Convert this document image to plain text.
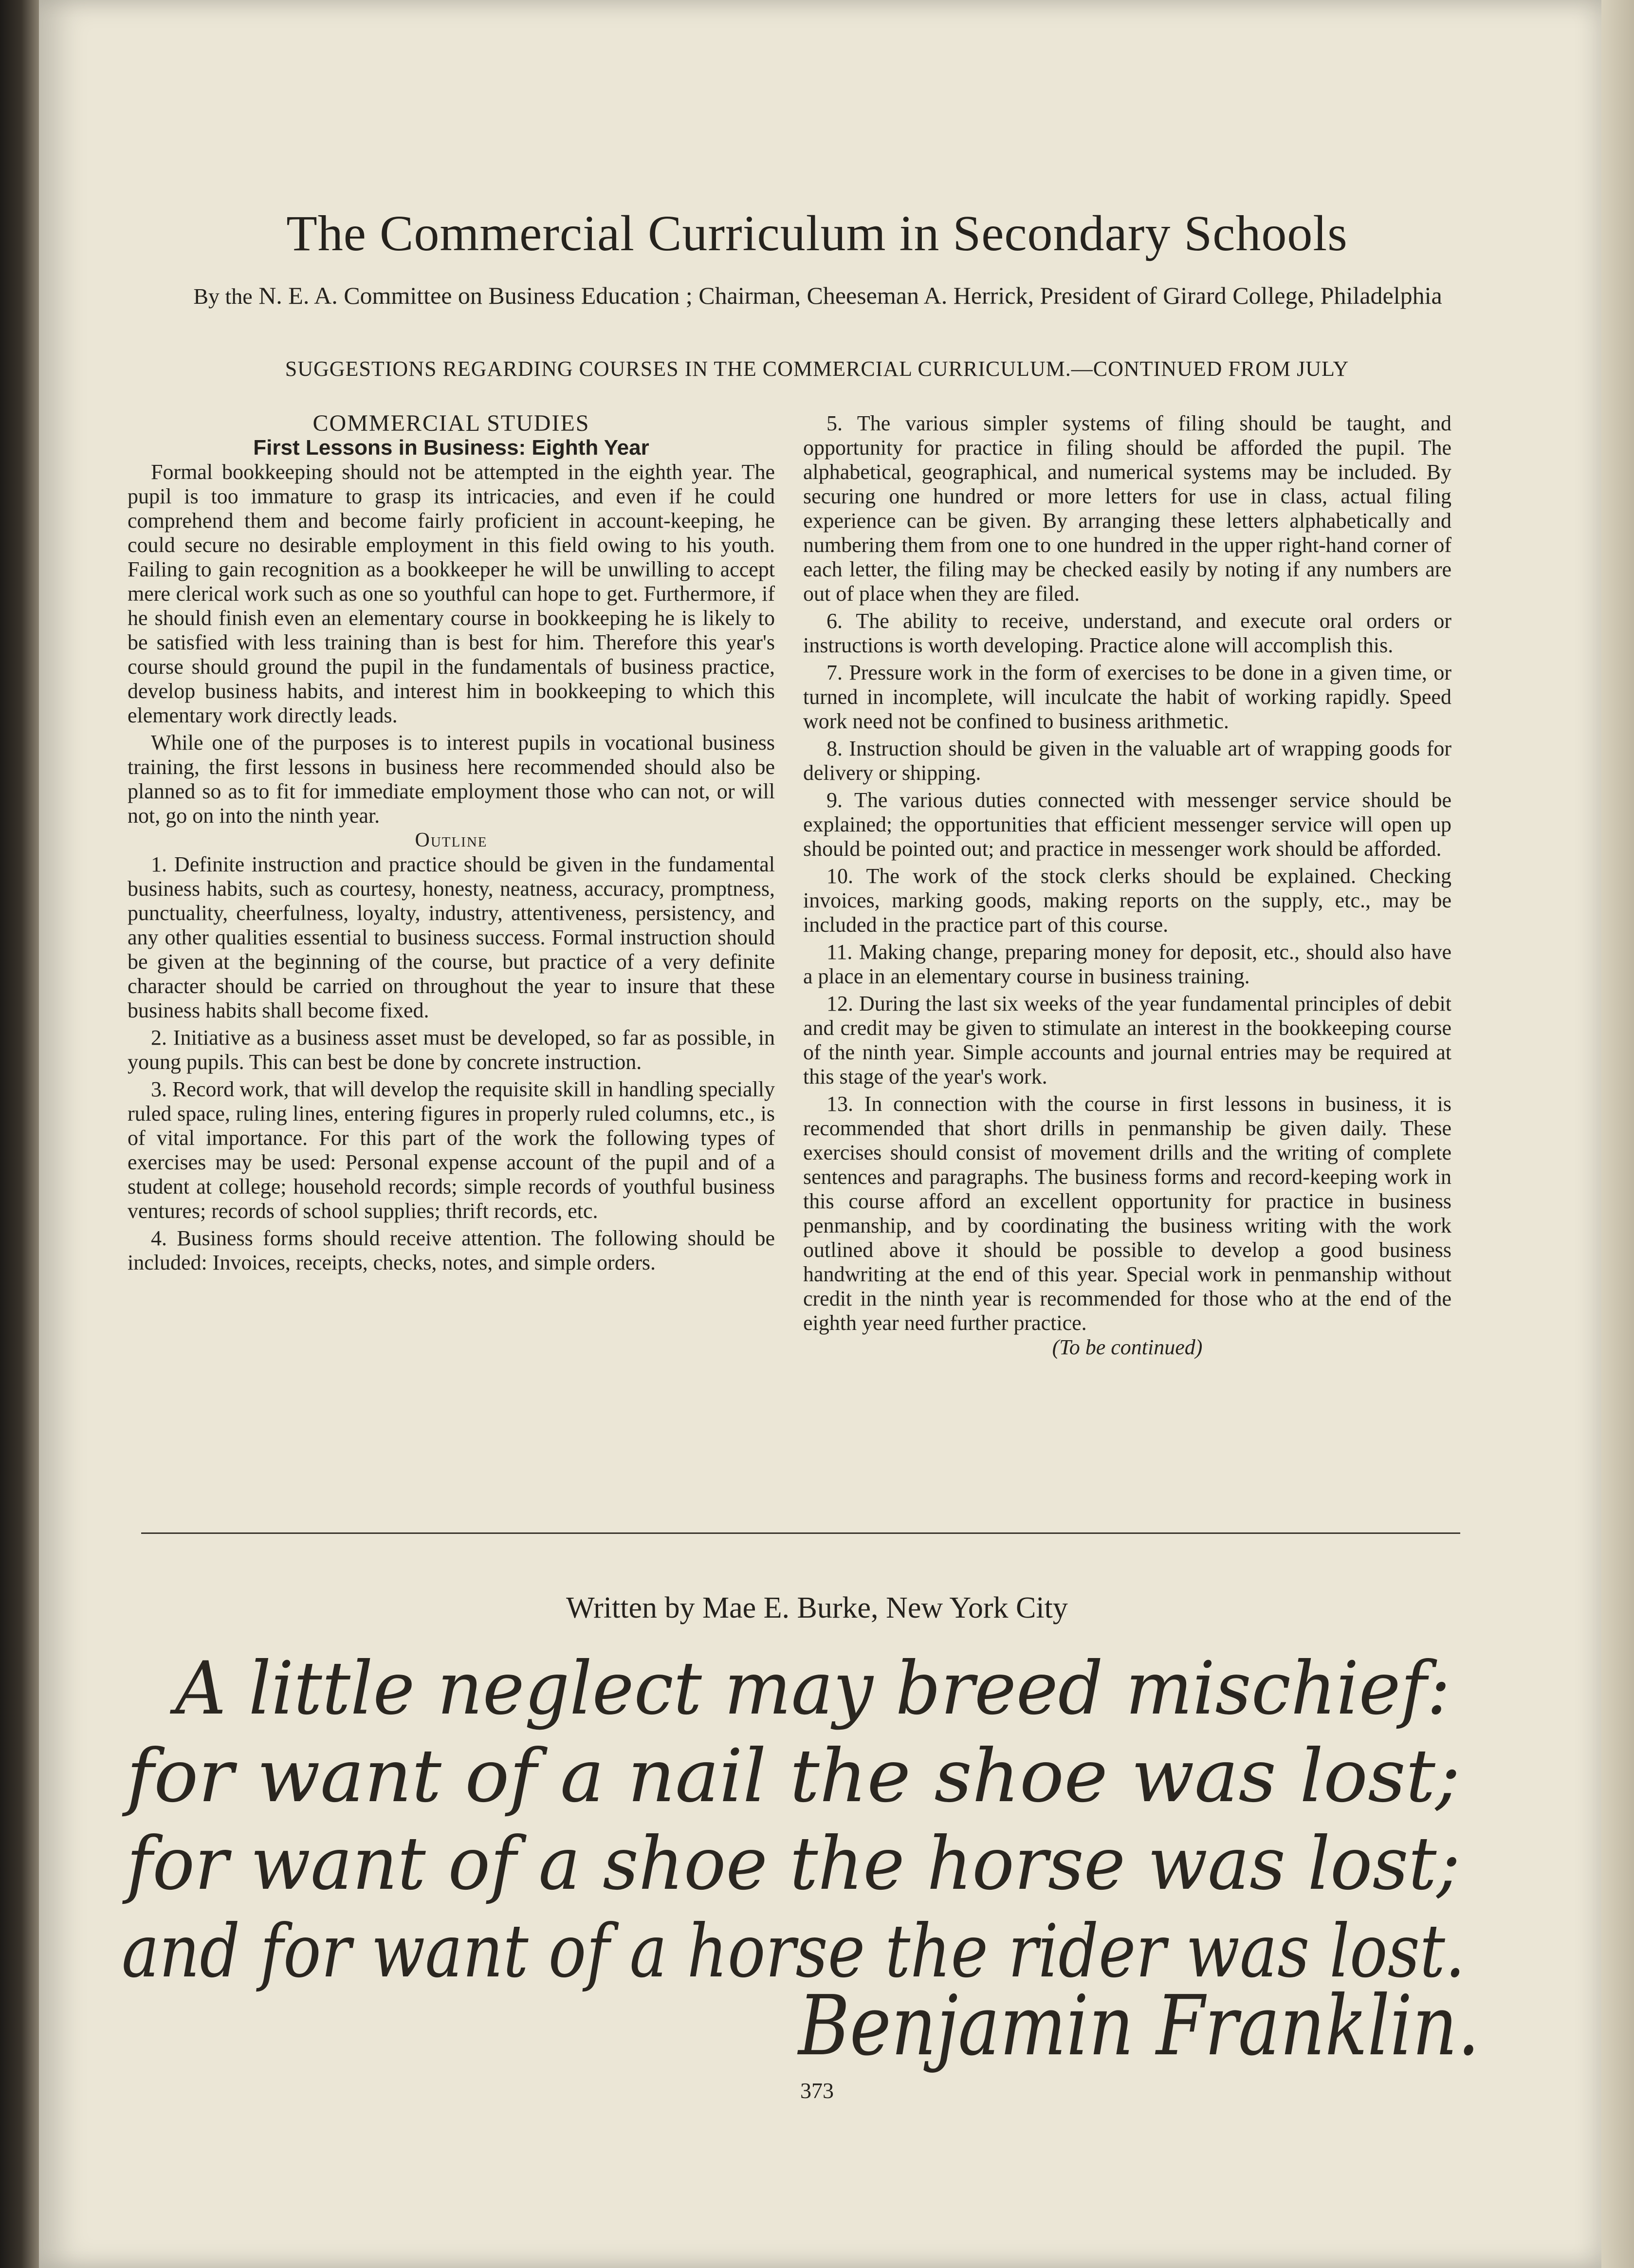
The Commercial Curriculum in Secondary Schools
By the N. E. A. Committee on Business Education ; Chairman, Cheeseman A. Herrick, President of Girard College, Philadelphia
SUGGESTIONS REGARDING COURSES IN THE COMMERCIAL CURRICULUM.—CONTINUED FROM JULY

COMMERCIAL STUDIES

First Lessons in Business: Eighth Year

Formal bookkeeping should not be attempted in the eighth year. The pupil is too immature to grasp its intricacies, and even if he could comprehend them and become fairly proficient in account-keeping, he could secure no desirable employment in this field owing to his youth. Failing to gain recognition as a bookkeeper he will be unwilling to accept mere clerical work such as one so youthful can hope to get. Furthermore, if he should finish even an elementary course in bookkeeping he is likely to be satisfied with less training than is best for him. Therefore this year's course should ground the pupil in the fundamentals of business practice, develop business habits, and interest him in bookkeeping to which this elementary work directly leads.

While one of the purposes is to interest pupils in vocational business training, the first lessons in business here recommended should also be planned so as to fit for immediate employment those who can not, or will not, go on into the ninth year.

Outline

1. Definite instruction and practice should be given in the fundamental business habits, such as courtesy, honesty, neatness, accuracy, promptness, punctuality, cheerfulness, loyalty, industry, attentiveness, persistency, and any other qualities essential to business success. Formal instruction should be given at the beginning of the course, but practice of a very definite character should be carried on throughout the year to insure that these business habits shall become fixed.

2. Initiative as a business asset must be developed, so far as possible, in young pupils. This can best be done by concrete instruction.

3. Record work, that will develop the requisite skill in handling specially ruled space, ruling lines, entering figures in properly ruled columns, etc., is of vital importance. For this part of the work the following types of exercises may be used: Personal expense account of the pupil and of a student at college; household records; simple records of youthful business ventures; records of school supplies; thrift records, etc.

4. Business forms should receive attention. The following should be included: Invoices, receipts, checks, notes, and simple orders.

5. The various simpler systems of filing should be taught, and opportunity for practice in filing should be afforded the pupil. The alphabetical, geographical, and numerical systems may be included. By securing one hundred or more letters for use in class, actual filing experience can be given. By arranging these letters alphabetically and numbering them from one to one hundred in the upper right-hand corner of each letter, the filing may be checked easily by noting if any numbers are out of place when they are filed.

6. The ability to receive, understand, and execute oral orders or instructions is worth developing. Practice alone will accomplish this.

7. Pressure work in the form of exercises to be done in a given time, or turned in incomplete, will inculcate the habit of working rapidly. Speed work need not be confined to business arithmetic.

8. Instruction should be given in the valuable art of wrapping goods for delivery or shipping.

9. The various duties connected with messenger service should be explained; the opportunities that efficient messenger service will open up should be pointed out; and practice in messenger work should be afforded.

10. The work of the stock clerks should be explained. Checking invoices, marking goods, making reports on the supply, etc., may be included in the practice part of this course.

11. Making change, preparing money for deposit, etc., should also have a place in an elementary course in business training.

12. During the last six weeks of the year fundamental principles of debit and credit may be given to stimulate an interest in the bookkeeping course of the ninth year. Simple accounts and journal entries may be required at this stage of the year's work.

13. In connection with the course in first lessons in business, it is recommended that short drills in penmanship be given daily. These exercises should consist of movement drills and the writing of complete sentences and paragraphs. The business forms and record-keeping work in this course afford an excellent opportunity for practice in business penmanship, and by coordinating the business writing with the work outlined above it should be possible to develop a good business handwriting at the end of this year. Special work in penmanship without credit in the ninth year is recommended for those who at the end of the eighth year need further practice.

(To be continued)

Written by Mae E. Burke, New York City
A little neglect may breed mischief:
for want of a nail the shoe was lost;
for want of a shoe the horse was lost;
and for want of a horse the rider was lost.
Benjamin Franklin.
373
